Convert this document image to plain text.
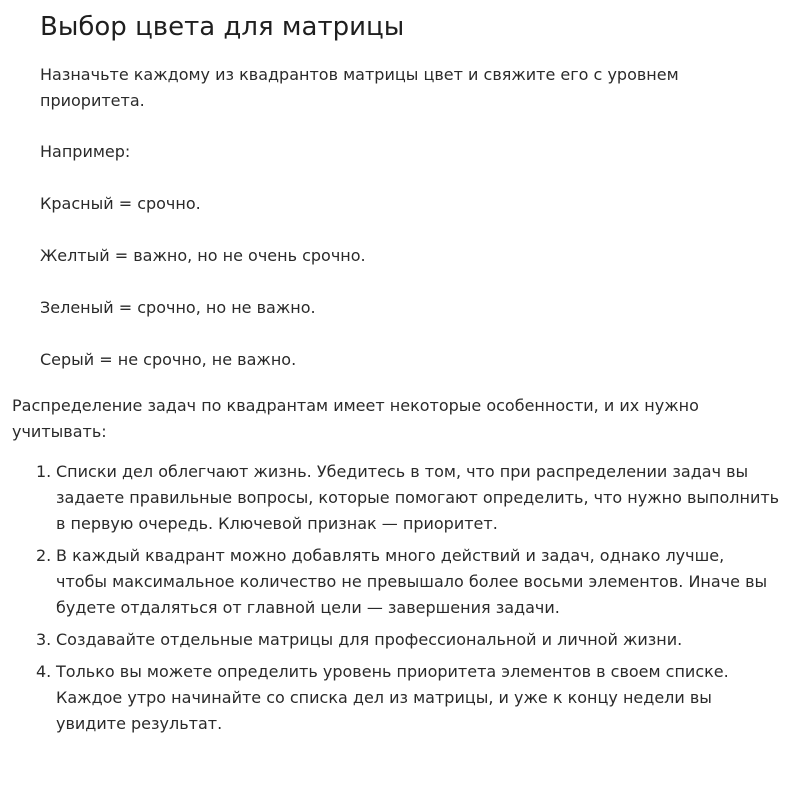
Выбор цвета для матрицы

Назначьте каждому из квадрантов матрицы цвет и свяжите его с уровнем приоритета.

Например:

Красный = срочно.

Желтый = важно, но не очень срочно.

Зеленый = срочно, но не важно.

Серый = не срочно, не важно.

Распределение задач по квадрантам имеет некоторые особенности, и их нужно учитывать:

1. Списки дел облегчают жизнь. Убедитесь в том, что при распределении задач вы задаете правильные вопросы, которые помогают определить, что нужно выполнить в первую очередь. Ключевой признак — приоритет.
2. В каждый квадрант можно добавлять много действий и задач, однако лучше, чтобы максимальное количество не превышало более восьми элементов. Иначе вы будете отдаляться от главной цели — завершения задачи.
3. Создавайте отдельные матрицы для профессиональной и личной жизни.
4. Только вы можете определить уровень приоритета элементов в своем списке. Каждое утро начинайте со списка дел из матрицы, и уже к концу недели вы увидите результат.
